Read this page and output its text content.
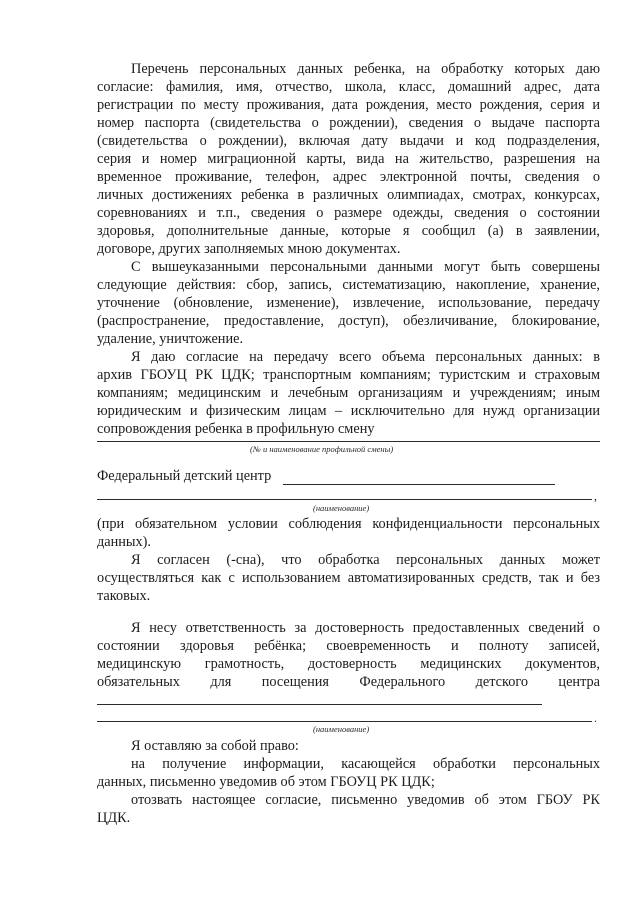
Перечень персональных данных ребенка, на обработку которых даю
согласие: фамилия, имя, отчество, школа, класс, домашний адрес, дата
регистрации по месту проживания, дата рождения, место рождения, серия и
номер паспорта (свидетельства о рождении), сведения о выдаче паспорта
(свидетельства о рождении), включая дату выдачи и код подразделения,
серия и номер миграционной карты, вида на жительство, разрешения на
временное проживание, телефон, адрес электронной почты, сведения о
личных достижениях ребенка в различных олимпиадах, смотрах, конкурсах,
соревнованиях и т.п., сведения о размере одежды, сведения о состоянии
здоровья, дополнительные данные, которые я сообщил (а) в заявлении,
договоре, других заполняемых мною документах.
С вышеуказанными персональными данными могут быть совершены
следующие действия: сбор, запись, систематизацию, накопление, хранение,
уточнение (обновление, изменение), извлечение, использование, передачу
(распространение, предоставление, доступ), обезличивание, блокирование,
удаление, уничтожение.
Я даю согласие на передачу всего объема персональных данных: в
архив ГБОУЦ РК ЦДК; транспортным компаниям; туристским и страховым
компаниям; медицинским и лечебным организациям и учреждениям; иным
юридическим и физическим лицам – исключительно для нужд организации
сопровождения ребенка в профильную смену
(№ и наименование профильной смены)
Федеральный детский центр
,
(наименование)
(при обязательном условии соблюдения конфиденциальности персональных
данных).
Я согласен (-сна), что обработка персональных данных может
осуществляться как с использованием автоматизированных средств, так и без
таковых.
Я несу ответственность за достоверность предоставленных сведений о
состоянии здоровья ребёнка; своевременность и полноту записей,
медицинскую грамотность, достоверность медицинских документов,
обязательных для посещения Федерального детского центра
.
(наименование)
Я оставляю за собой право:
на получение информации, касающейся обработки персональных
данных, письменно уведомив об этом ГБОУЦ РК ЦДК;
отозвать настоящее согласие, письменно уведомив об этом ГБОУ РК
ЦДК.
